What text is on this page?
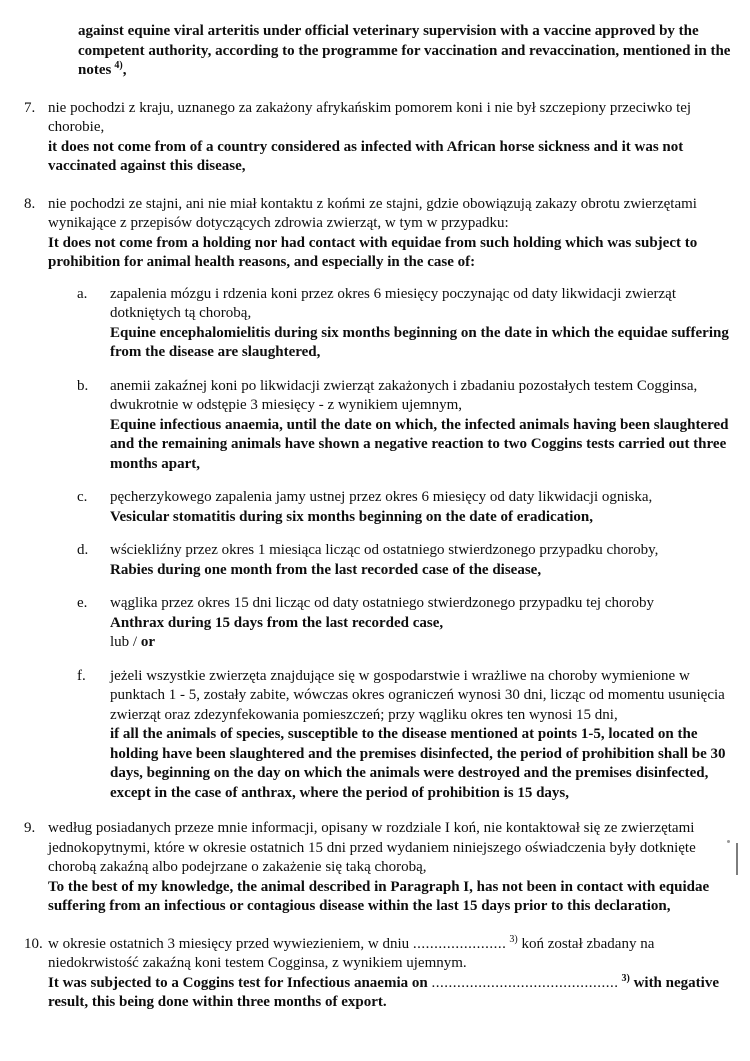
against equine viral arteritis under official veterinary supervision with a vaccine approved by the competent authority, according to the programme for vaccination and revaccination, mentioned in the notes $^{4)}$,

7. nie pochodzi z kraju, uznanego za zakażony afrykańskim pomorem koni i nie był szczepiony przeciwko tej chorobie,

it does not come from of a country considered as infected with African horse sickness and it was not vaccinated against this disease,

8. nie pochodzi ze stajni, ani nie miał kontaktu z końmi ze stajni, gdzie obowiązują zakazy obrotu zwierzętami wynikające z przepisów dotyczących zdrowia zwierząt, w tym w przypadku:

It does not come from a holding nor had contact with equidae from such holding which was subject to prohibition for animal health reasons, and especially in the case of:

a. zapalenia mózgu i rdzenia koni przez okres 6 miesięcy poczynając od daty likwidacji zwierząt dotkniętych tą chorobą,

Equine encephalomielitis during six months beginning on the date in which the equidae suffering from the disease are slaughtered,

b. anemii zakaźnej koni po likwidacji zwierząt zakażonych i zbadaniu pozostałych testem Cogginsa, dwukrotnie w odstępie 3 miesięcy - z wynikiem ujemnym,

Equine infectious anaemia, until the date on which, the infected animals having been slaughtered and the remaining animals have shown a negative reaction to two Coggins tests carried out three months apart,

c. pęcherzykowego zapalenia jamy ustnej przez okres 6 miesięcy od daty likwidacji ogniska,

Vesicular stomatitis during six months beginning on the date of eradication,

d. wściekliźny przez okres 1 miesiąca licząc od ostatniego stwierdzonego przypadku choroby,

Rabies during one month from the last recorded case of the disease,

e. wąglika przez okres 15 dni licząc od daty ostatniego stwierdzonego przypadku tej choroby

Anthrax during 15 days from the last recorded case,

lub / or

f. jeżeli wszystkie zwierzęta znajdujące się w gospodarstwie i wrażliwe na choroby wymienione w punktach 1 - 5, zostały zabite, wówczas okres ograniczeń wynosi 30 dni, licząc od momentu usunięcia zwierząt oraz zdezynfekowania pomieszczeń; przy wągliku okres ten wynosi 15 dni,

if all the animals of species, susceptible to the disease mentioned at points 1-5, located on the holding have been slaughtered and the premises disinfected, the period of prohibition shall be 30 days, beginning on the day on which the animals were destroyed and the premises disinfected, except in the case of anthrax, where the period of prohibition is 15 days,

9. według posiadanych przeze mnie informacji, opisany w rozdziale I koń, nie kontaktował się ze zwierzętami jednokopytnymi, które w okresie ostatnich 15 dni przed wydaniem niniejszego oświadczenia były dotknięte chorobą zakaźną albo podejrzane o zakażenie się taką chorobą,

To the best of my knowledge, the animal described in Paragraph I, has not been in contact with equidae suffering from an infectious or contagious disease within the last 15 days prior to this declaration,

10. w okresie ostatnich 3 miesięcy przed wywiezieniem, w dniu ...................... $^{3)}$ koń został zbadany na niedokrwistość zakaźną koni testem Cogginsa, z wynikiem ujemnym.

It was subjected to a Coggins test for Infectious anaemia on ............................................ $^{3)}$ with negative result, this being done within three months of export.
